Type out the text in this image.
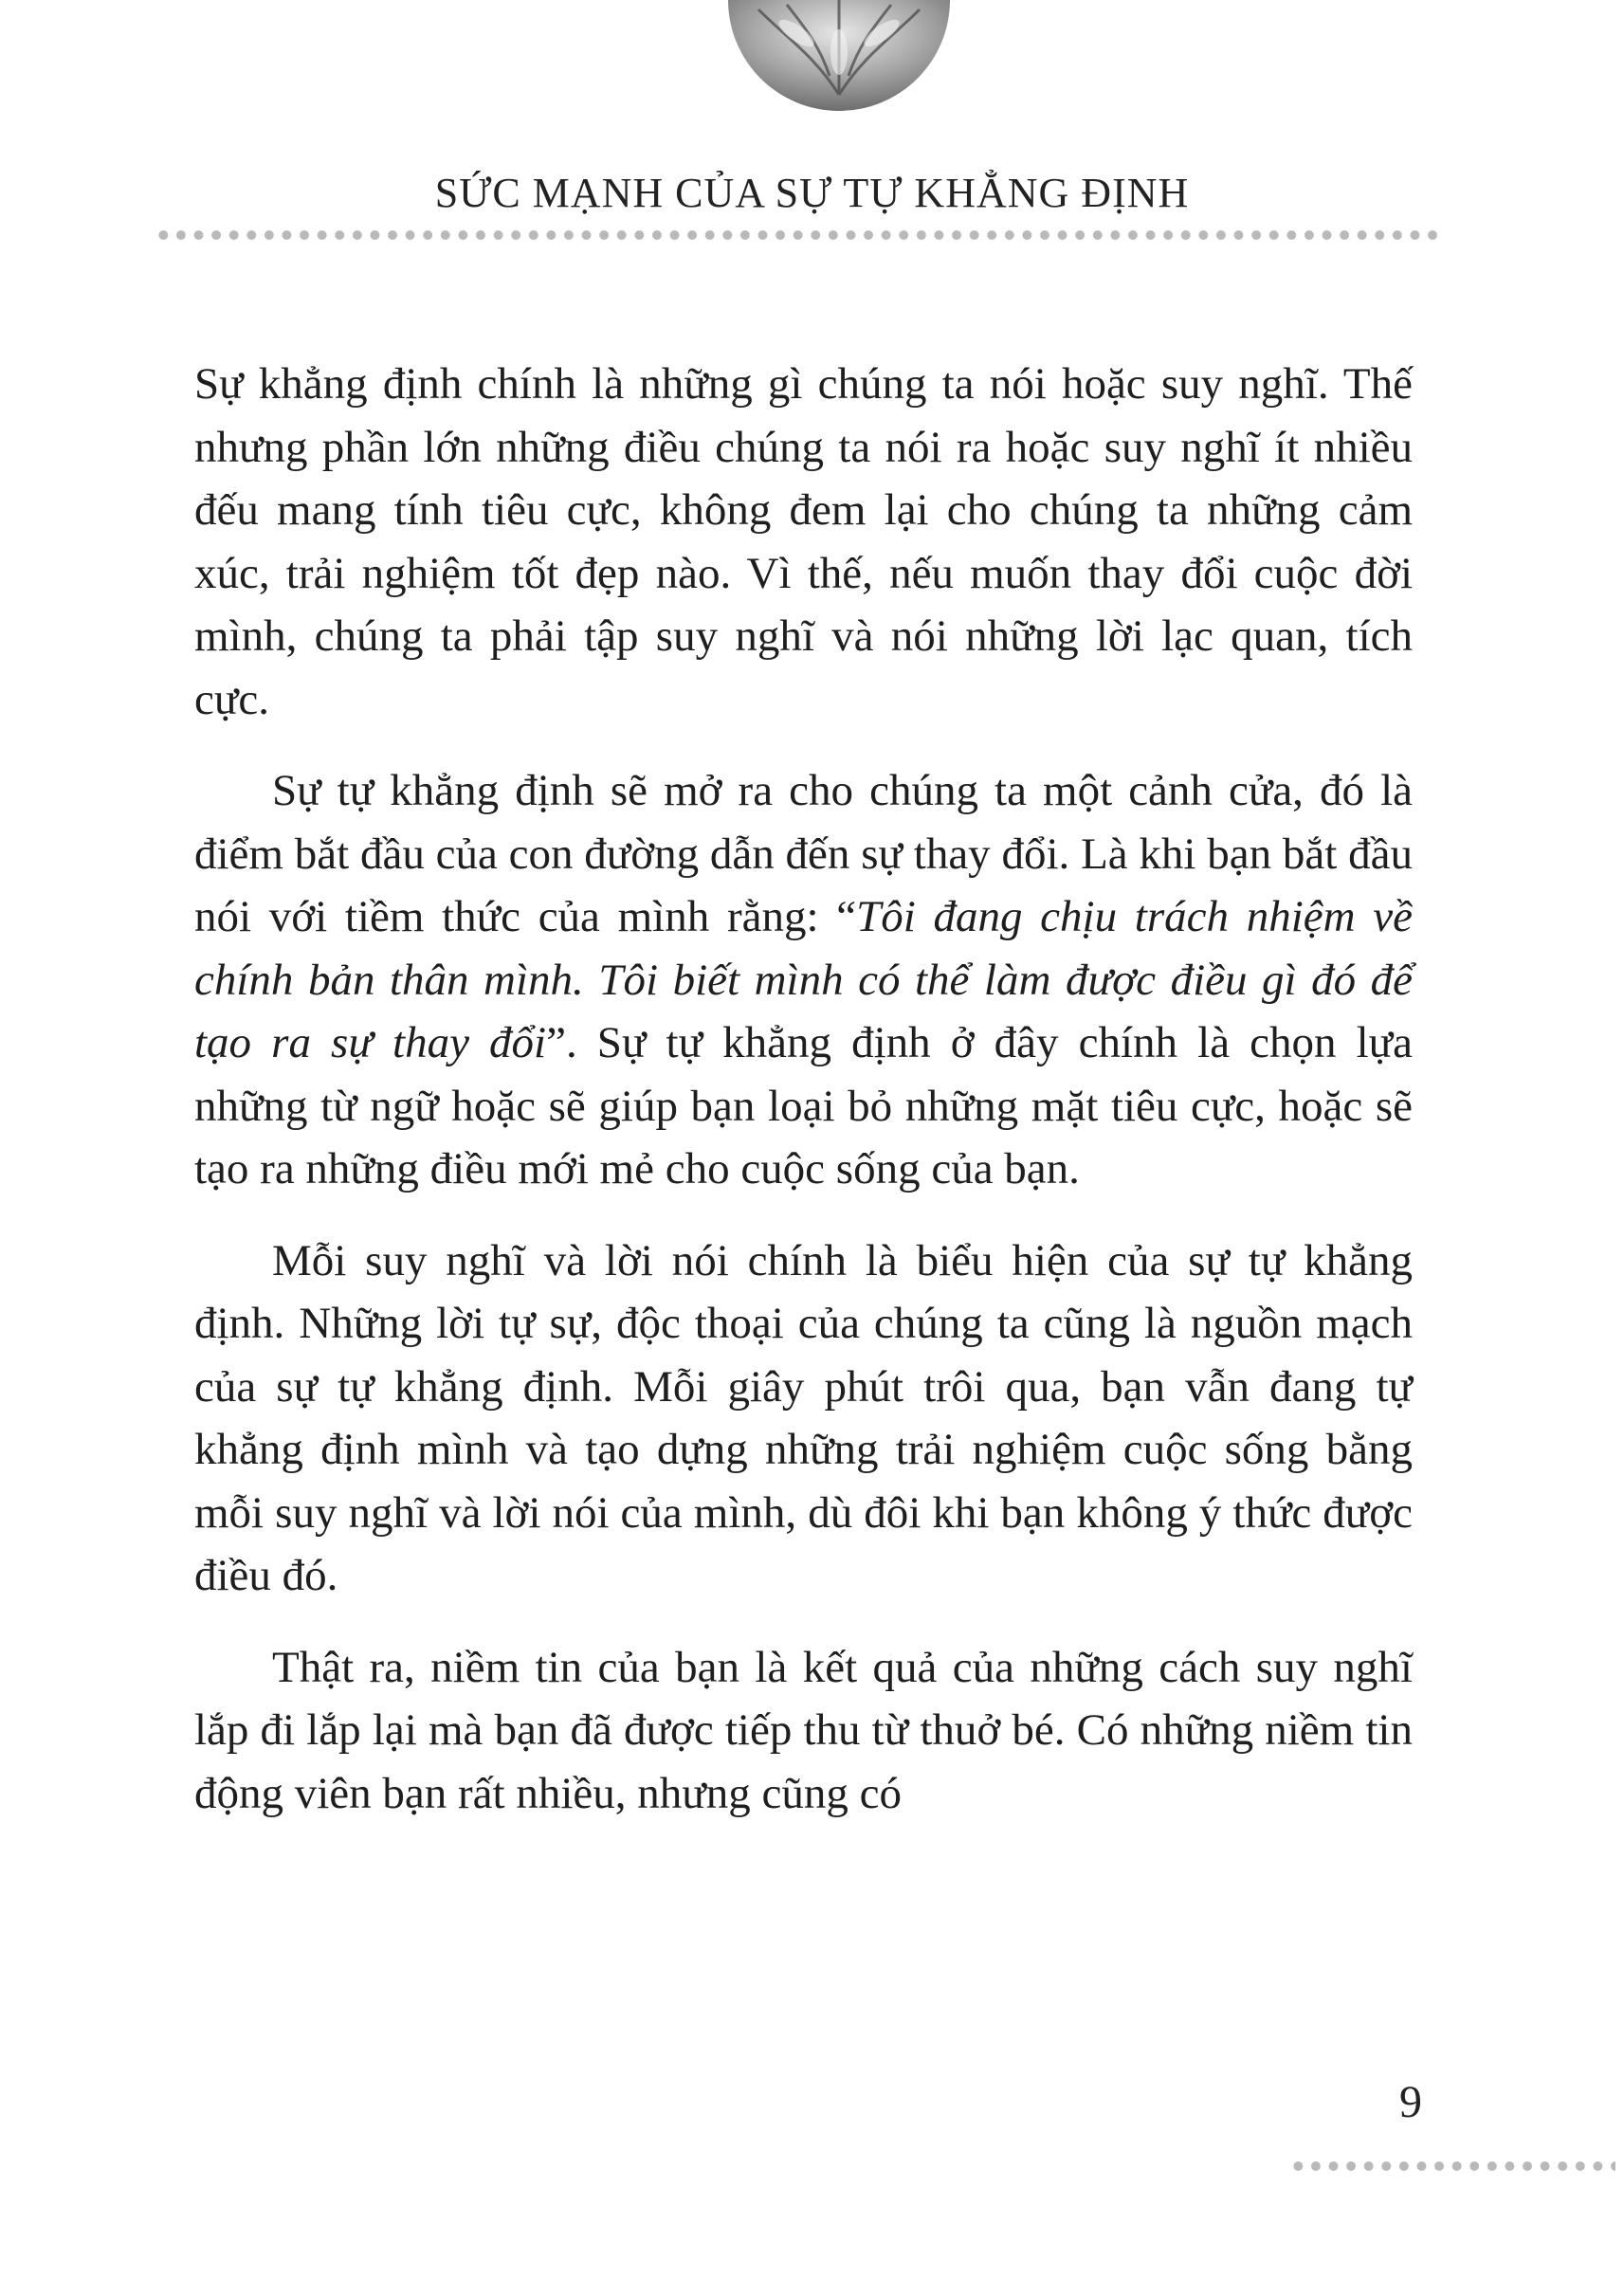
SỨC MẠNH CỦA SỰ TỰ KHẲNG ĐỊNH

Sự khẳng định chính là những gì chúng ta nói hoặc suy nghĩ. Thế nhưng phần lớn những điều chúng ta nói ra hoặc suy nghĩ ít nhiều đếu mang tính tiêu cực, không đem lại cho chúng ta những cảm xúc, trải nghiệm tốt đẹp nào. Vì thế, nếu muốn thay đổi cuộc đời mình, chúng ta phải tập suy nghĩ và nói những lời lạc quan, tích cực.

Sự tự khẳng định sẽ mở ra cho chúng ta một cảnh cửa, đó là điểm bắt đầu của con đường dẫn đến sự thay đổi. Là khi bạn bắt đầu nói với tiềm thức của mình rằng: “Tôi đang chịu trách nhiệm về chính bản thân mình. Tôi biết mình có thể làm được điều gì đó để tạo ra sự thay đổi”. Sự tự khẳng định ở đây chính là chọn lựa những từ ngữ hoặc sẽ giúp bạn loại bỏ những mặt tiêu cực, hoặc sẽ tạo ra những điều mới mẻ cho cuộc sống của bạn.

Mỗi suy nghĩ và lời nói chính là biểu hiện của sự tự khẳng định. Những lời tự sự, độc thoại của chúng ta cũng là nguồn mạch của sự tự khẳng định. Mỗi giây phút trôi qua, bạn vẫn đang tự khẳng định mình và tạo dựng những trải nghiệm cuộc sống bằng mỗi suy nghĩ và lời nói của mình, dù đôi khi bạn không ý thức được điều đó.

Thật ra, niềm tin của bạn là kết quả của những cách suy nghĩ lắp đi lắp lại mà bạn đã được tiếp thu từ thuở bé. Có những niềm tin động viên bạn rất nhiều, nhưng cũng có

9
